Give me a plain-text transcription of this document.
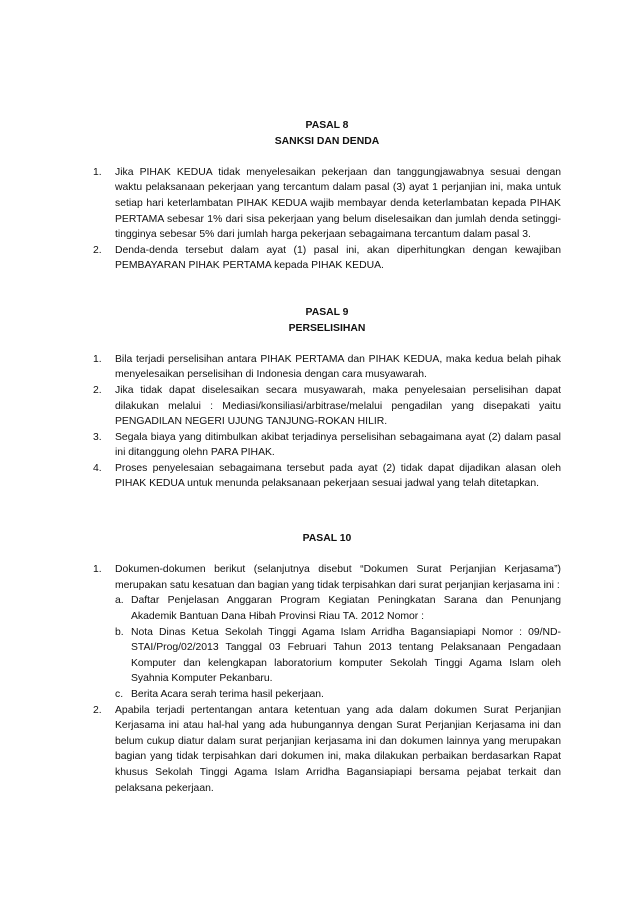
PASAL 8

SANKSI DAN DENDA

1. Jika PIHAK KEDUA tidak menyelesaikan pekerjaan dan tanggungjawabnya sesuai dengan waktu pelaksanaan pekerjaan yang tercantum dalam pasal (3) ayat 1 perjanjian ini, maka untuk setiap hari keterlambatan PIHAK KEDUA wajib membayar denda keterlambatan kepada PIHAK PERTAMA sebesar 1% dari sisa pekerjaan yang belum diselesaikan dan jumlah denda setinggi-tingginya sebesar 5% dari jumlah harga pekerjaan sebagaimana tercantum dalam pasal 3.
2. Denda-denda tersebut dalam ayat (1) pasal ini, akan diperhitungkan dengan kewajiban PEMBAYARAN PIHAK PERTAMA kepada PIHAK KEDUA.

PASAL 9

PERSELISIHAN

1. Bila terjadi perselisihan antara PIHAK PERTAMA dan PIHAK KEDUA, maka kedua belah pihak menyelesaikan perselisihan di Indonesia dengan cara musyawarah.
2. Jika tidak dapat diselesaikan secara musyawarah, maka penyelesaian perselisihan dapat dilakukan melalui : Mediasi/konsiliasi/arbitrase/melalui pengadilan yang disepakati yaitu PENGADILAN NEGERI UJUNG TANJUNG-ROKAN HILIR.
3. Segala biaya yang ditimbulkan akibat terjadinya perselisihan sebagaimana ayat (2) dalam pasal ini ditanggung olehn PARA PIHAK.
4. Proses penyelesaian sebagaimana tersebut pada ayat (2) tidak dapat dijadikan alasan oleh PIHAK KEDUA untuk menunda pelaksanaan pekerjaan sesuai jadwal yang telah ditetapkan.

PASAL 10

1. Dokumen-dokumen berikut (selanjutnya disebut “Dokumen Surat Perjanjian Kerjasama”) merupakan satu kesatuan dan bagian yang tidak terpisahkan dari surat perjanjian kerjasama ini :
a. Daftar Penjelasan Anggaran Program Kegiatan Peningkatan Sarana dan Penunjang Akademik Bantuan Dana Hibah Provinsi Riau TA. 2012 Nomor :
b. Nota Dinas Ketua Sekolah Tinggi Agama Islam Arridha Bagansiapiapi Nomor : 09/ND-STAI/Prog/02/2013 Tanggal 03 Februari Tahun 2013 tentang Pelaksanaan Pengadaan Komputer dan kelengkapan laboratorium komputer Sekolah Tinggi Agama Islam oleh Syahnia Komputer Pekanbaru.
c. Berita Acara serah terima hasil pekerjaan.
2. Apabila terjadi pertentangan antara ketentuan yang ada dalam dokumen Surat Perjanjian Kerjasama ini atau hal-hal yang ada hubungannya dengan Surat Perjanjian Kerjasama ini dan belum cukup diatur dalam surat perjanjian kerjasama ini dan dokumen lainnya yang merupakan bagian yang tidak terpisahkan dari dokumen ini, maka dilakukan perbaikan berdasarkan Rapat khusus Sekolah Tinggi Agama Islam Arridha Bagansiapiapi bersama pejabat terkait dan pelaksana pekerjaan.
